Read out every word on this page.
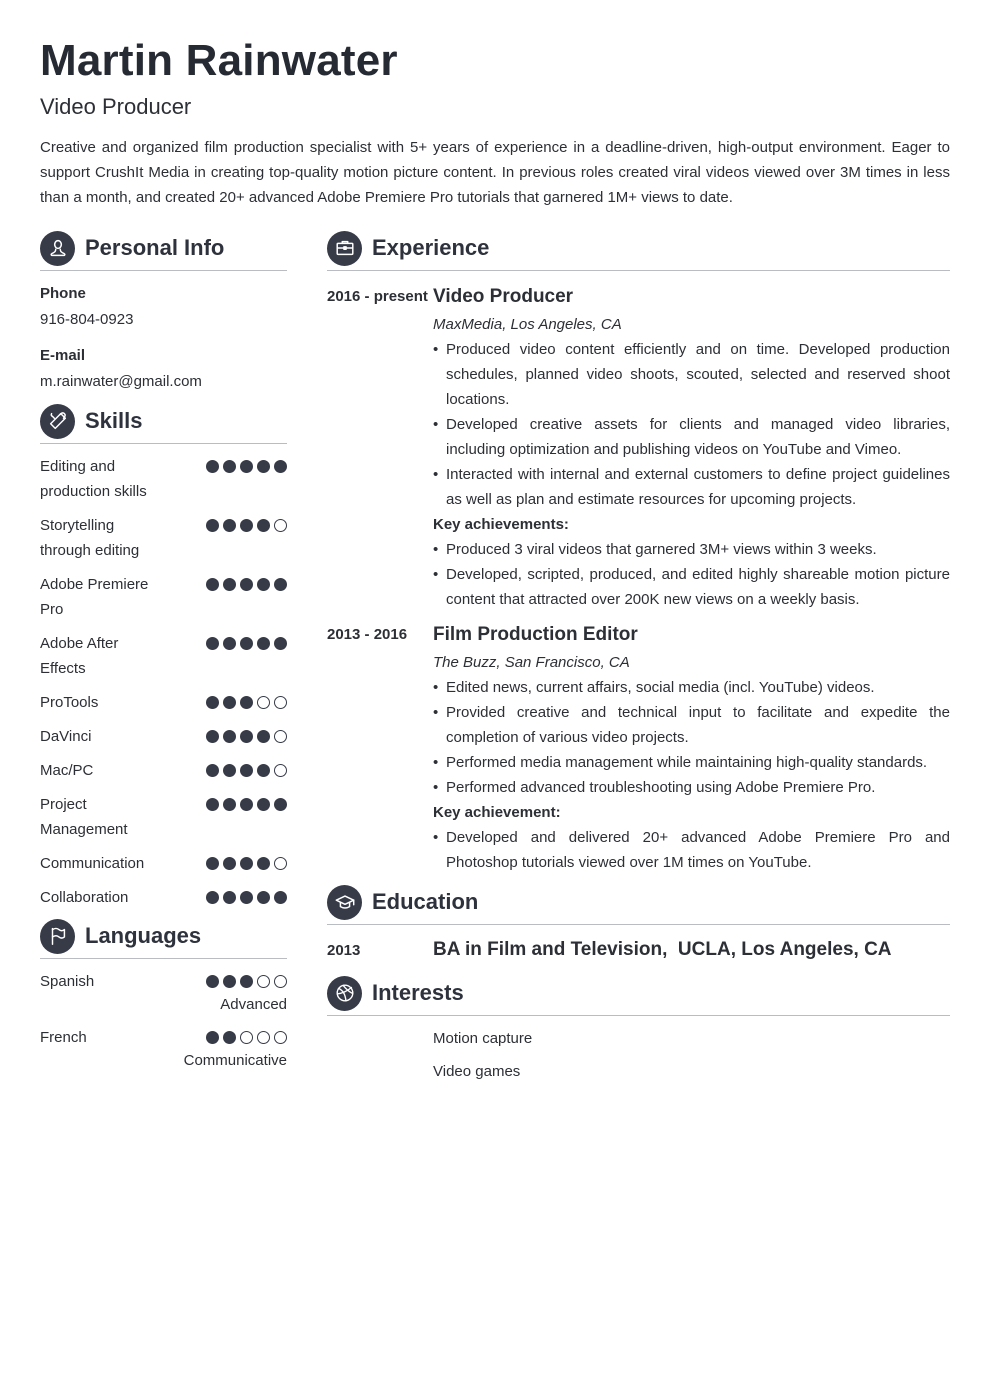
Martin Rainwater
Video Producer

Creative and organized film production specialist with 5+ years of experience in a deadline-driven, high-output environment. Eager to support CrushIt Media in creating top-quality motion picture content. In previous roles created viral videos viewed over 3M times in less than a month, and created 20+ advanced Adobe Premiere Pro tutorials that garnered 1M+ views to date.

Personal Info
Phone
916-804-0923
E-mail
m.rainwater@gmail.com
Skills
Editing and production skills
Storytelling through editing
Adobe Premiere Pro
Adobe After Effects
ProTools
DaVinci
Mac/PC
Project Management
Communication
Collaboration
Languages
Spanish
Advanced
French
Communicative
Experience
2016 - present Video Producer
MaxMedia, Los Angeles, CA
• Produced video content efficiently and on time. Developed production schedules, planned video shoots, scouted, selected and reserved shoot locations.
• Developed creative assets for clients and managed video libraries, including optimization and publishing videos on YouTube and Vimeo.
• Interacted with internal and external customers to define project guidelines as well as plan and estimate resources for upcoming projects.
Key achievements:
• Produced 3 viral videos that garnered 3M+ views within 3 weeks.
• Developed, scripted, produced, and edited highly shareable motion picture content that attracted over 200K new views on a weekly basis.
2013 - 2016	Film Production Editor
The Buzz, San Francisco, CA
• Edited news, current affairs, social media (incl. YouTube) videos.
• Provided creative and technical input to facilitate and expedite the completion of various video projects.
• Performed media management while maintaining high-quality standards.
• Performed advanced troubleshooting using Adobe Premiere Pro.
Key achievement:
• Developed and delivered 20+ advanced Adobe Premiere Pro and Photoshop tutorials viewed over 1M times on YouTube.
Education
2013	BA in Film and Television,  UCLA, Los Angeles, CA
Interests
Motion capture
Video games
